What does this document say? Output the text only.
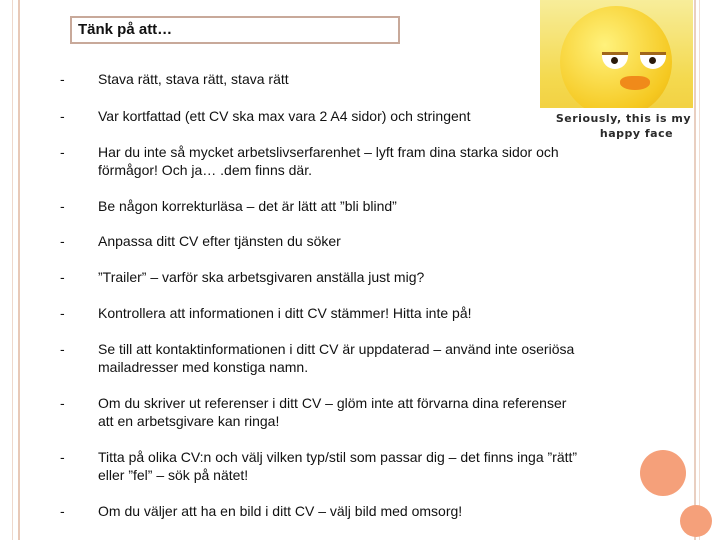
Tänk på att…
Seriously, this is my
happy face
-	Stava rätt, stava rätt, stava rätt
-	Var kortfattad (ett CV ska max vara 2 A4 sidor) och stringent
-	Har du inte så mycket arbetslivserfarenhet – lyft fram dina starka sidor och förmågor! Och ja… .dem finns där.
-	Be någon korrekturläsa – det är lätt att ”bli blind”
-	Anpassa ditt CV efter tjänsten du söker
-	”Trailer” – varför ska arbetsgivaren anställa just mig?
-	Kontrollera att informationen i ditt CV stämmer! Hitta inte på!
-	Se till att kontaktinformationen i ditt CV är uppdaterad – använd inte oseriösa mailadresser med konstiga namn.
-	Om du skriver ut referenser i ditt CV – glöm inte att förvarna dina referenser att en arbetsgivare kan ringa!
-	Titta på olika CV:n och välj vilken typ/stil som passar dig – det finns inga ”rätt” eller ”fel” – sök på nätet!
-	Om du väljer att ha en bild i ditt CV – välj bild med omsorg!
